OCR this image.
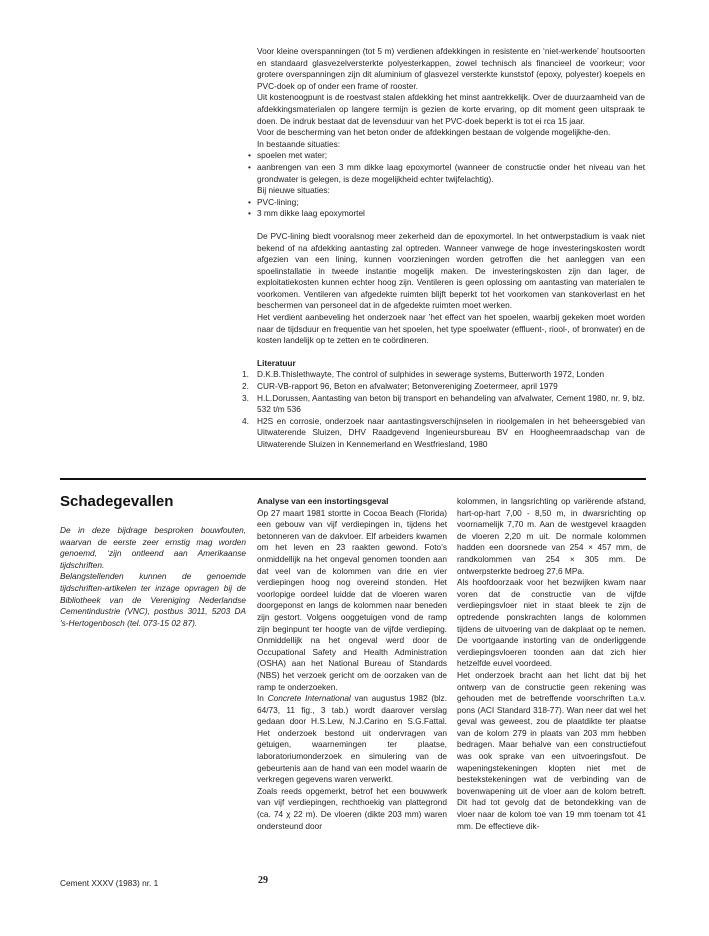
Voor kleine overspanningen (tot 5 m) verdienen afdekkingen in resistente en ‘niet-werkende’ houtsoorten en standaard glasvezelversterkte polyesterkappen, zowel technisch als financieel de voorkeur; voor grotere overspanningen zijn dit aluminium of glasvezel versterkte kunststof (epoxy, polyester) koepels en PVC-doek op of onder een frame of rooster.

Uit kostenoogpunt is de roestvast stalen afdekking het minst aantrekkelijk. Over de duurzaamheid van de afdekkingsmaterialen op langere termijn is gezien de korte ervaring, op dit moment geen uitspraak te doen. De indruk bestaat dat de levensduur van het PVC-doek beperkt is tot ei rca 15 jaar.

Voor de bescherming van het beton onder de afdekkingen bestaan de volgende mogelijkhe-den.

In bestaande situaties:

• spoelen met water;

• aanbrengen van een 3 mm dikke laag epoxymortel (wanneer de constructie onder het niveau van het grondwater is gelegen, is deze mogelijkheid echter twijfelachtig).

Bij nieuwe situaties:

• PVC-lining;

• 3 mm dikke laag epoxymortel

De PVC-lining biedt vooralsnog meer zekerheid dan de epoxymortel. In het ontwerpstadium is vaak niet bekend of na afdekking aantasting zal optreden. Wanneer vanwege de hoge investeringskosten wordt afgezien van een lining, kunnen voorzieningen worden getroffen die het aanleggen van een spoelinstallatie in tweede instantie mogelijk maken. De investeringskosten zijn dan lager, de exploitatiekosten kunnen echter hoog zijn. Ventileren is geen oplossing om aantasting van materialen te voorkomen. Ventileren van afgedekte ruimten blijft beperkt tot het voorkomen van stankoverlast en het beschermen van personeel dat in de afgedekte ruimten moet werken.

Het verdient aanbeveling het onderzoek naar ’het effect van het spoelen, waarbij gekeken moet worden naar de tijdsduur en frequentie van het spoelen, het type spoelwater (effluent-, riool-, of bronwater) en de kosten landelijk op te zetten en te coördineren.

Literatuur

1. D.K.B.Thislethwayte, The control of sulphides in sewerage systems, Butterworth 1972, Londen

2. CUR-VB-rapport 96, Beton en afvalwater; Betonvereniging Zoetermeer, april 1979

3. H.L.Dorussen, Aantasting van beton bij transport en behandeling van afvalwater, Cement 1980, nr. 9, blz. 532 t/m 536

4. H2S en corrosie, onderzoek naar aantastingsverschijnselen in rioolgemalen in het beheersgebied van Uitwaterende Sluizen, DHV Raadgevend Ingenieursbureau BV en Hoogheemraadschap van de Uitwaterende Sluizen in Kennemerland en Westfriesland, 1980

Schadegevallen

De in deze bijdrage besproken bouwfouten, waarvan de eerste zeer ernstig mag worden genoemd, ‘zijn ontleend aan Amerikaanse tijdschriften.

Belangstellenden kunnen de genoemde tijdschriften-artikelen ter inzage opvragen bij de Bibliotheek van de Vereniging Nederlandse Cementindustrie (VNC), postbus 3011, 5203 DA 's-Hertogenbosch (tel. 073-15 02 87).

Analyse van een instortingsgeval

Op 27 maart 1981 stortte in Cocoa Beach (Florida) een gebouw van vijf verdiepingen in, tijdens het betonneren van de dakvloer. Elf arbeiders kwamen om het leven en 23 raakten gewond. Foto’s onmiddellijk na het ongeval genomen toonden aan dat veel van de kolommen van drie en vier verdiepingen hoog nog overeind stonden. Het voorlopige oordeel luidde dat de vloeren waren doorgeponst en langs de kolommen naar beneden zijn gestort. Volgens ooggetuigen vond de ramp zijn beginpunt ter hoogte van de vijfde verdieping. Onmiddellijk na het ongeval werd door de Occupational Safety and Health Administration (OSHA) aan het National Bureau of Standards (NBS) het verzoek gericht om de oorzaken van de ramp te onderzoeken.

In Concrete International van augustus 1982 (blz. 64/73, 11 fig., 3 tab.) wordt daarover verslag gedaan door H.S.Lew, N.J.Carino en S.G.Fattal. Het onderzoek bestond uit ondervragen van getuigen, waarnemingen ter plaatse, laboratoriumonderzoek en simulering van de gebeurtenis aan de hand van een model waarin de verkregen gegevens waren verwerkt.

Zoals reeds opgemerkt, betrof het een bouwwerk van vijf verdiepingen, rechthoekig van plattegrond (ca. 74 χ 22 m). De vloeren (dikte 203 mm) waren ondersteund door

kolommen, in langsrichting op variërende afstand, hart-op-hart 7,00 - 8,50 m, in dwarsrichting op voornamelijk 7,70 m. Aan de westgevel kraagden de vloeren 2,20 m uit. De normale kolommen hadden een doorsnede van 254 × 457 mm, de randkolommen van 254 × 305 mm. De ontwerpsterkte bedroeg 27,6 MPa.

Als hoofdoorzaak voor het bezwijken kwam naar voren dat de constructie van de vijfde verdiepingsvloer niet in staat bleek te zijn de optredende ponskrachten langs de kolommen tijdens de uitvoering van de dakplaat op te nemen. De voortgaande instorting van de onderliggende verdiepingsvloeren toonden aan dat zich hier hetzelfde euvel voordeed.

Het onderzoek bracht aan het licht dat bij het ontwerp van de constructie geen rekening was gehouden met de betreffende voorschriften t.a.v. pons (ACI Standard 318-77). Wan neer dat wel het geval was geweest, zou de plaatdikte ter plaatse van de kolom 279 in plaats van 203 mm hebben bedragen. Maar behalve van een constructiefout was ook sprake van een uitvoeringsfout. De wapeningstekeningen klopten niet met de bestekstekeningen wat de verbinding van de bovenwapening uit de vloer aan de kolom betreft. Dit had tot gevolg dat de betondekking van de vloer naar de kolom toe van 19 mm toenam tot 41 mm. De effectieve dik-

Cement XXXV (1983) nr. 1	29
